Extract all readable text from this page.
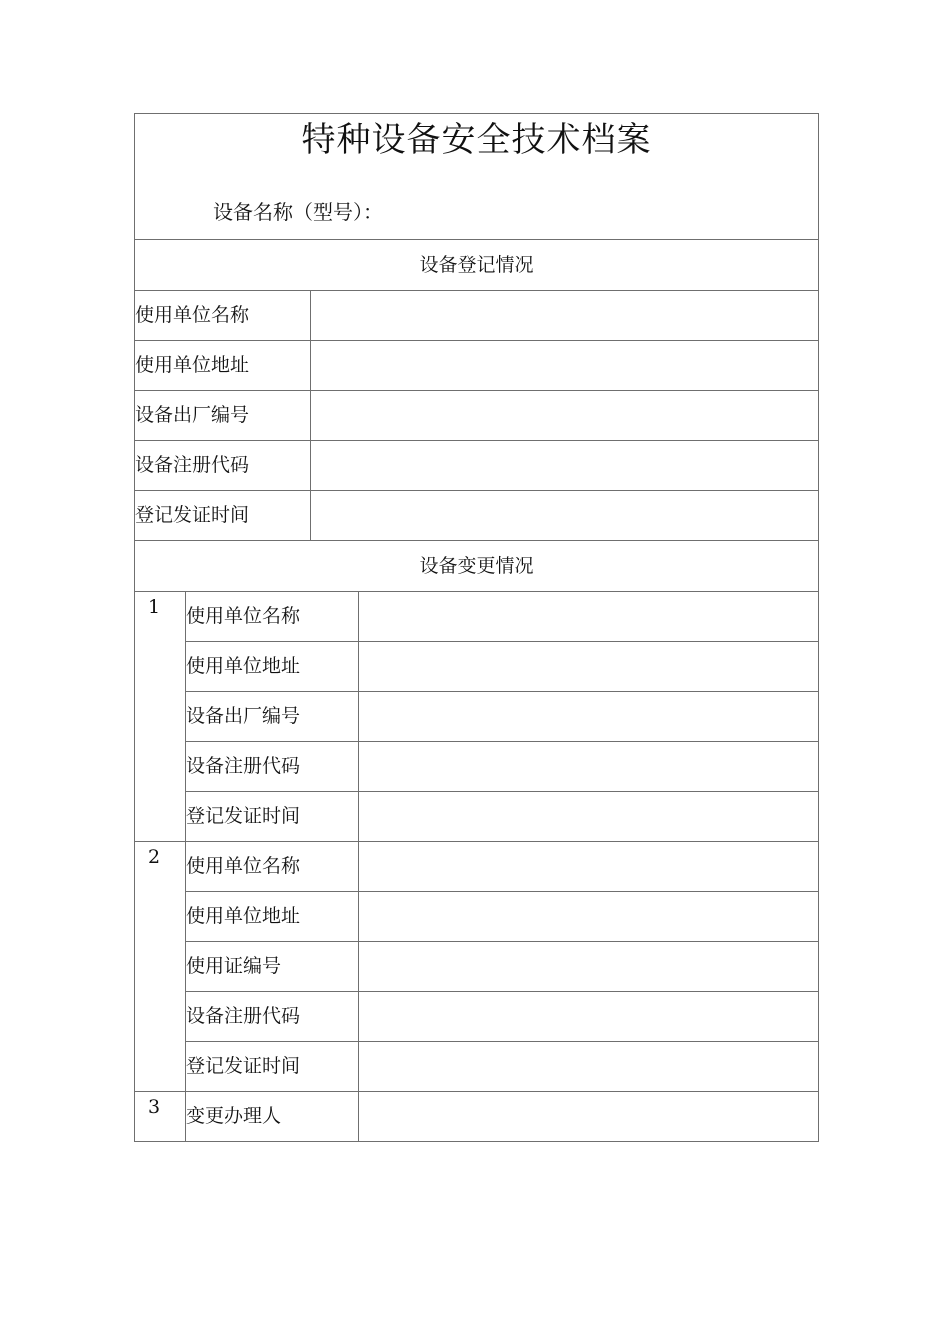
特种设备安全技术档案
设备名称（型号）：			

设备登记情况			
使用单位名称			
使用单位地址			
设备出厂编号			
设备注册代码			
登记发证时间			
设备变更情况			
1	使用单位名称		
	使用单位地址		
	设备出厂编号		
	设备注册代码		
	登记发证时间		
2	使用单位名称		
	使用单位地址		
	使用证编号		
	设备注册代码		
	登记发证时间		
3	变更办理人		
